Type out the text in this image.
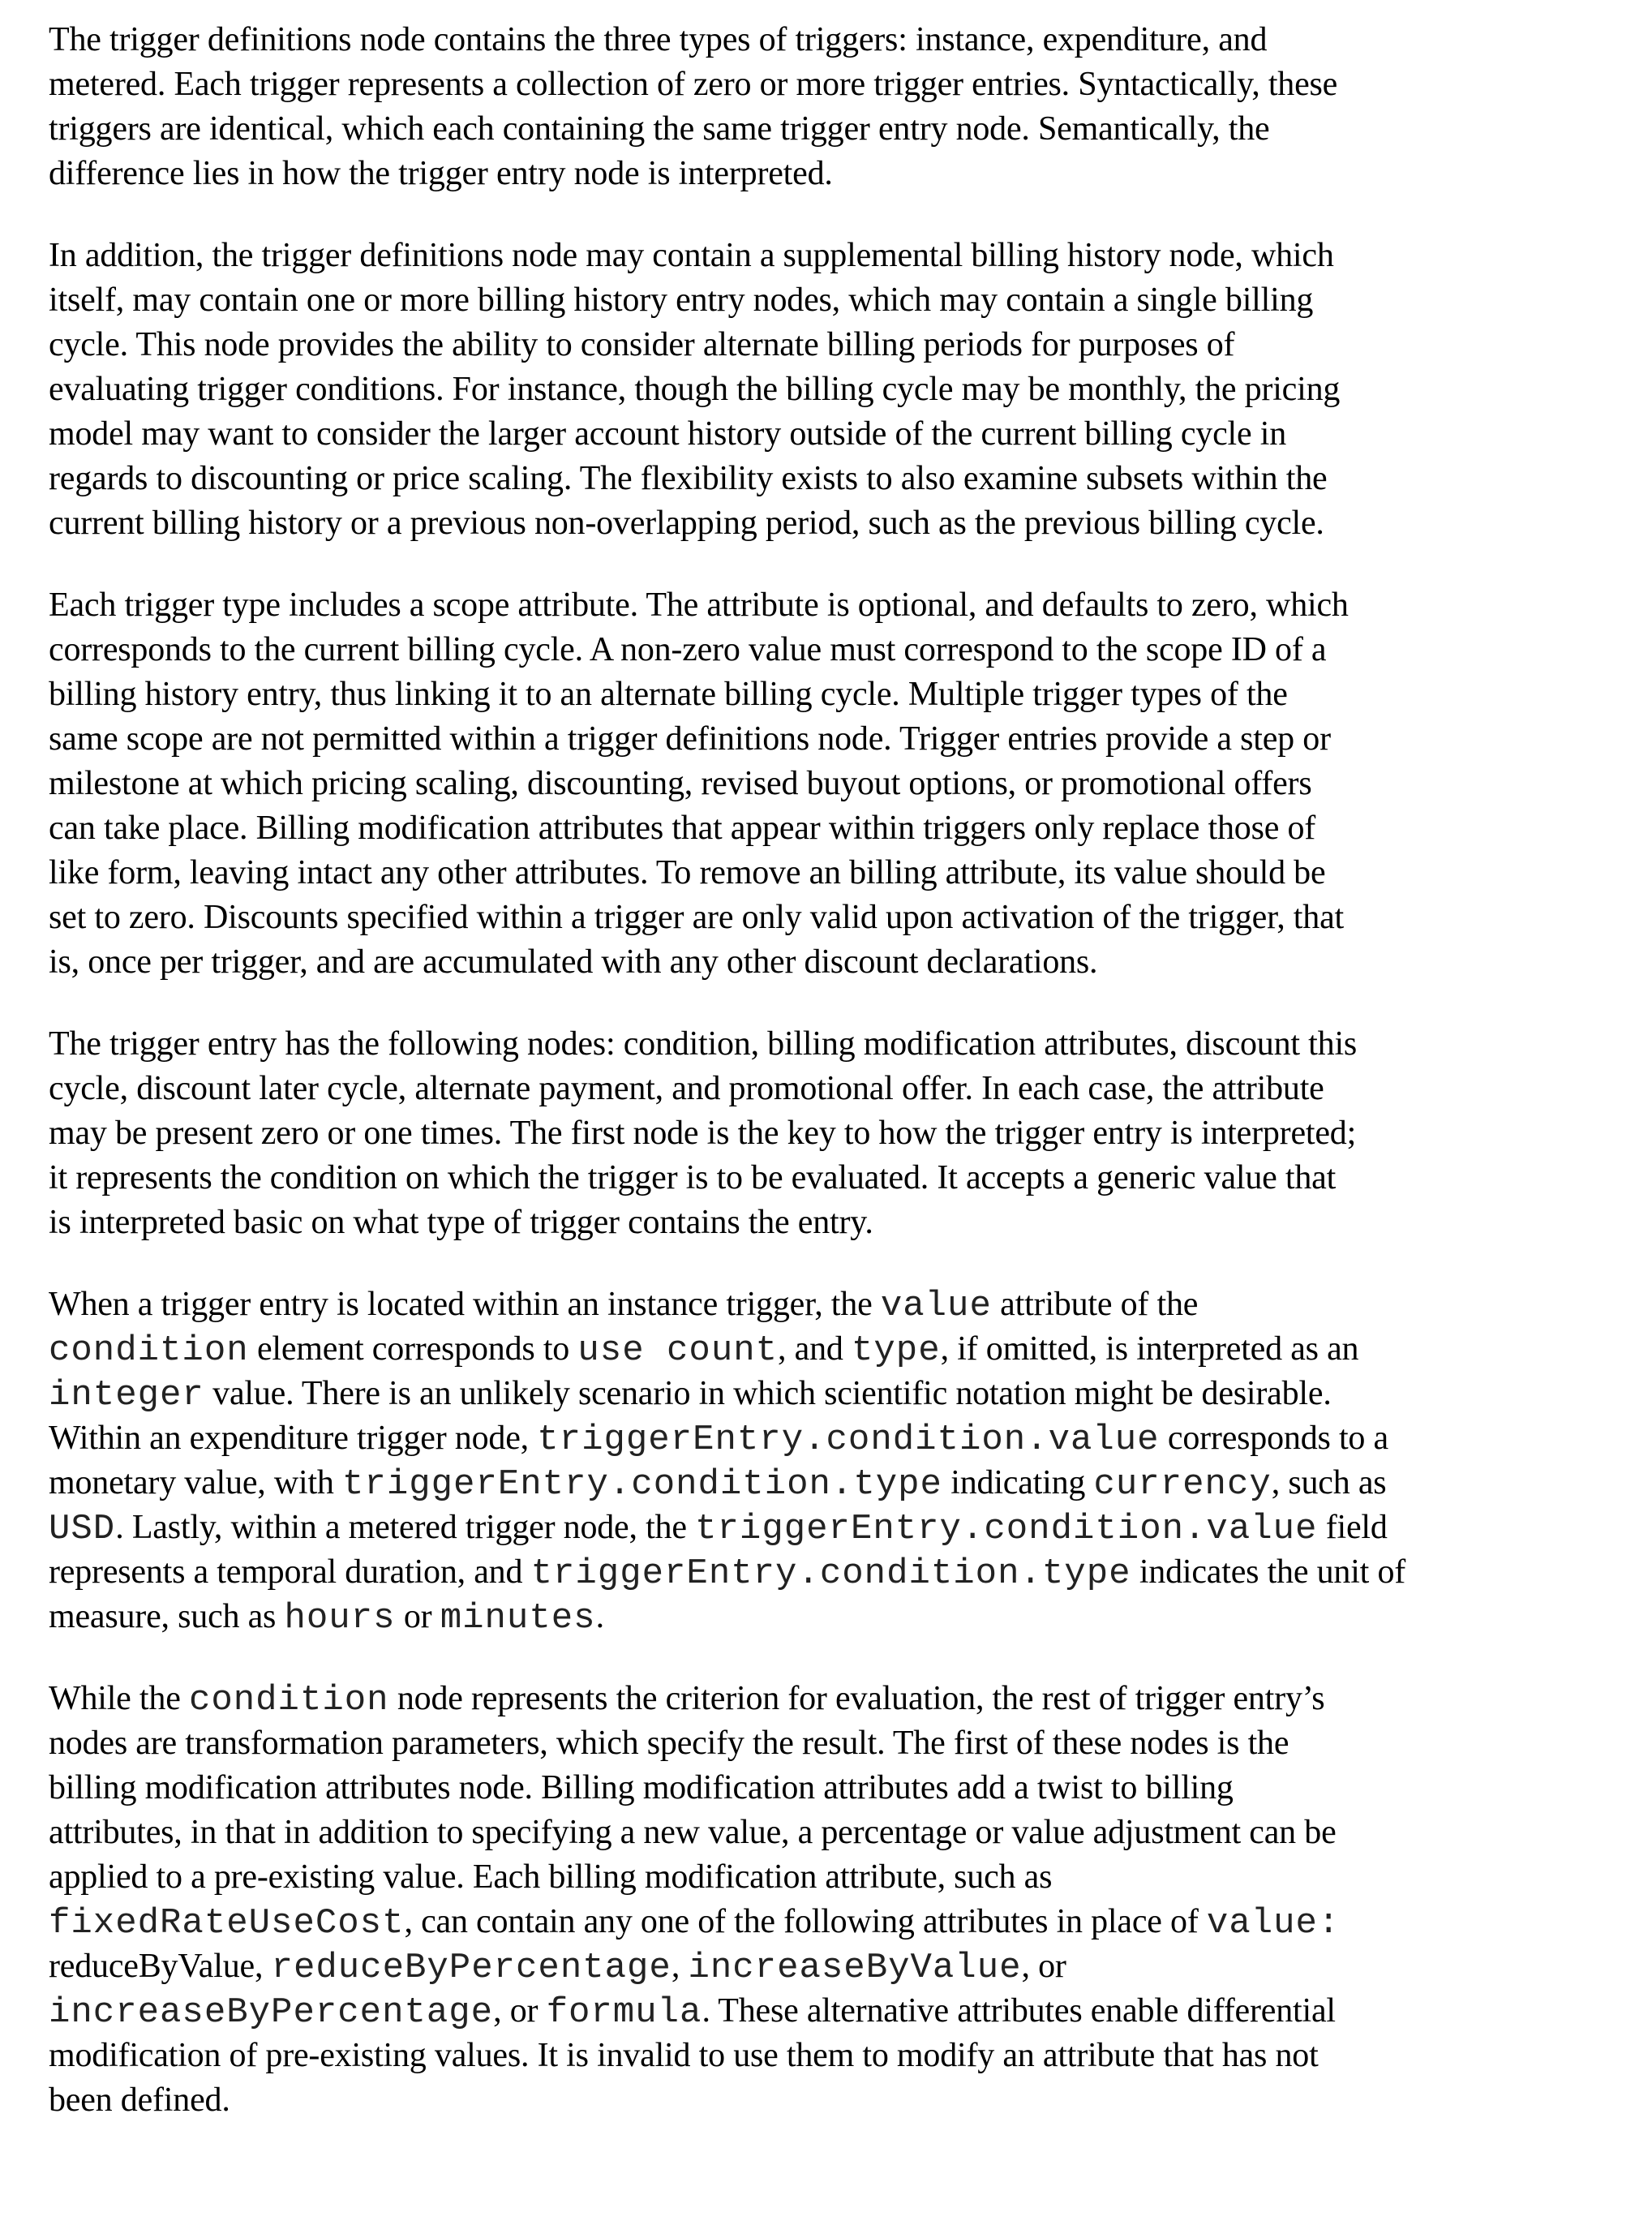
The trigger definitions node contains the three types of triggers: instance, expenditure, and
metered. Each trigger represents a collection of zero or more trigger entries. Syntactically, these
triggers are identical, which each containing the same trigger entry node. Semantically, the
difference lies in how the trigger entry node is interpreted.
In addition, the trigger definitions node may contain a supplemental billing history node, which
itself, may contain one or more billing history entry nodes, which may contain a single billing
cycle. This node provides the ability to consider alternate billing periods for purposes of
evaluating trigger conditions. For instance, though the billing cycle may be monthly, the pricing
model may want to consider the larger account history outside of the current billing cycle in
regards to discounting or price scaling. The flexibility exists to also examine subsets within the
current billing history or a previous non-overlapping period, such as the previous billing cycle.
Each trigger type includes a scope attribute. The attribute is optional, and defaults to zero, which
corresponds to the current billing cycle. A non-zero value must correspond to the scope ID of a
billing history entry, thus linking it to an alternate billing cycle. Multiple trigger types of the
same scope are not permitted within a trigger definitions node. Trigger entries provide a step or
milestone at which pricing scaling, discounting, revised buyout options, or promotional offers
can take place. Billing modification attributes that appear within triggers only replace those of
like form, leaving intact any other attributes. To remove an billing attribute, its value should be
set to zero. Discounts specified within a trigger are only valid upon activation of the trigger, that
is, once per trigger, and are accumulated with any other discount declarations.
The trigger entry has the following nodes: condition, billing modification attributes, discount this
cycle, discount later cycle, alternate payment, and promotional offer. In each case, the attribute
may be present zero or one times. The first node is the key to how the trigger entry is interpreted;
it represents the condition on which the trigger is to be evaluated. It accepts a generic value that
is interpreted basic on what type of trigger contains the entry.
When a trigger entry is located within an instance trigger, the value attribute of the
condition element corresponds to use count, and type, if omitted, is interpreted as an
integer value. There is an unlikely scenario in which scientific notation might be desirable.
Within an expenditure trigger node, triggerEntry.condition.value corresponds to a
monetary value, with triggerEntry.condition.type indicating currency, such as
USD. Lastly, within a metered trigger node, the triggerEntry.condition.value field
represents a temporal duration, and triggerEntry.condition.type indicates the unit of
measure, such as hours or minutes.
While the condition node represents the criterion for evaluation, the rest of trigger entry’s
nodes are transformation parameters, which specify the result. The first of these nodes is the
billing modification attributes node. Billing modification attributes add a twist to billing
attributes, in that in addition to specifying a new value, a percentage or value adjustment can be
applied to a pre-existing value. Each billing modification attribute, such as
fixedRateUseCost, can contain any one of the following attributes in place of value:
reduceByValue, reduceByPercentage, increaseByValue, or
increaseByPercentage, or formula. These alternative attributes enable differential
modification of pre-existing values. It is invalid to use them to modify an attribute that has not
been defined.
